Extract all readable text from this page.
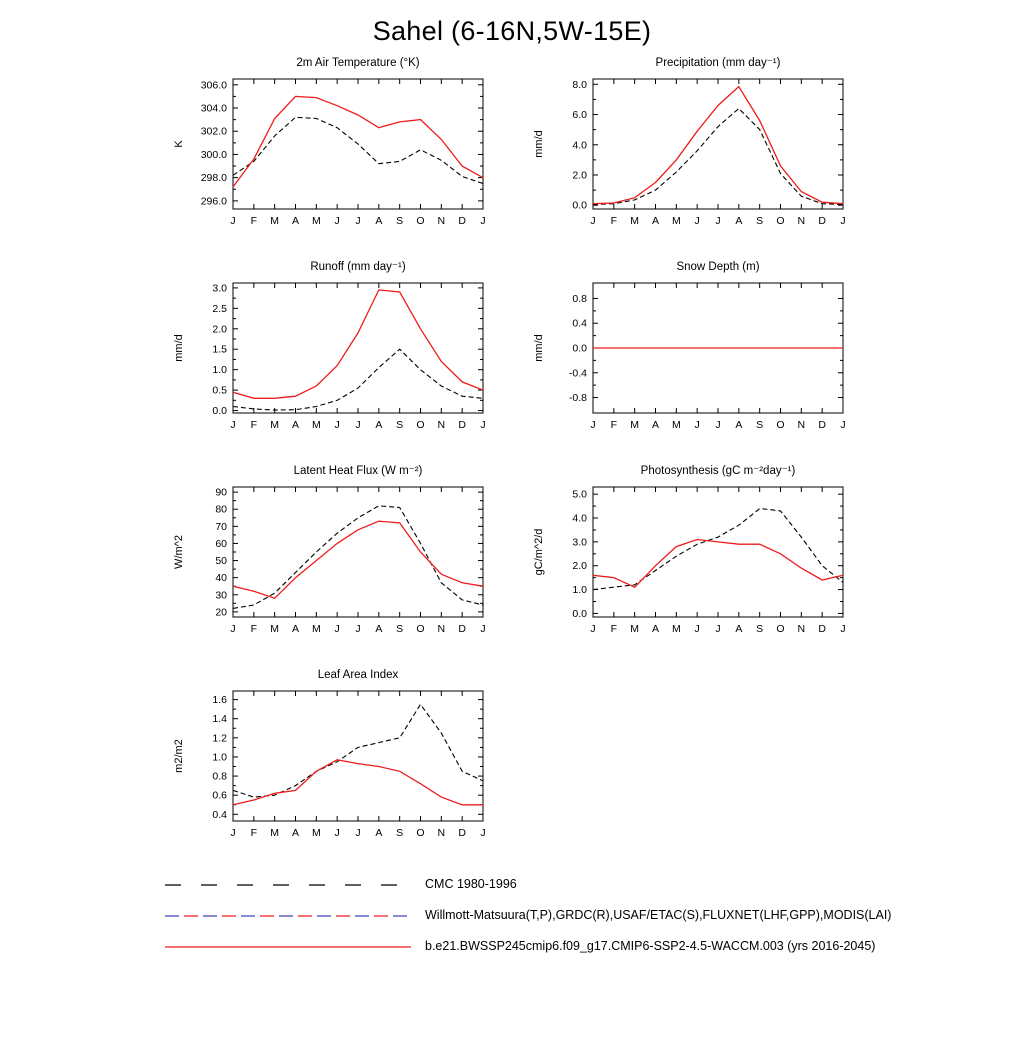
Sahel (6-16N,5W-15E)
2m Air Temperature (°K)
K
296.0
298.0
300.0
302.0
304.0
306.0
J F M A M J J A S O N D J
Precipitation (mm day⁻¹)
mm/d
0.0
2.0
4.0
6.0
8.0
J F M A M J J A S O N D J
Runoff (mm day⁻¹)
mm/d
0.0
0.5
1.0
1.5
2.0
2.5
3.0
J F M A M J J A S O N D J
Snow Depth (m)
mm/d
-0.8
-0.4
0.0
0.4
0.8
J F M A M J J A S O N D J
Latent Heat Flux (W m⁻²)
W/m^2
20
30
40
50
60
70
80
90
J F M A M J J A S O N D J
Photosynthesis (gC m⁻²day⁻¹)
gC/m^2/d
0.0
1.0
2.0
3.0
4.0
5.0
J F M A M J J A S O N D J
Leaf Area Index
m2/m2
0.4
0.6
0.8
1.0
1.2
1.4
1.6
J F M A M J J A S O N D J
CMC 1980-1996
Willmott-Matsuura(T,P),GRDC(R),USAF/ETAC(S),FLUXNET(LHF,GPP),MODIS(LAI)
b.e21.BWSSP245cmip6.f09_g17.CMIP6-SSP2-4.5-WACCM.003 (yrs 2016-2045)
